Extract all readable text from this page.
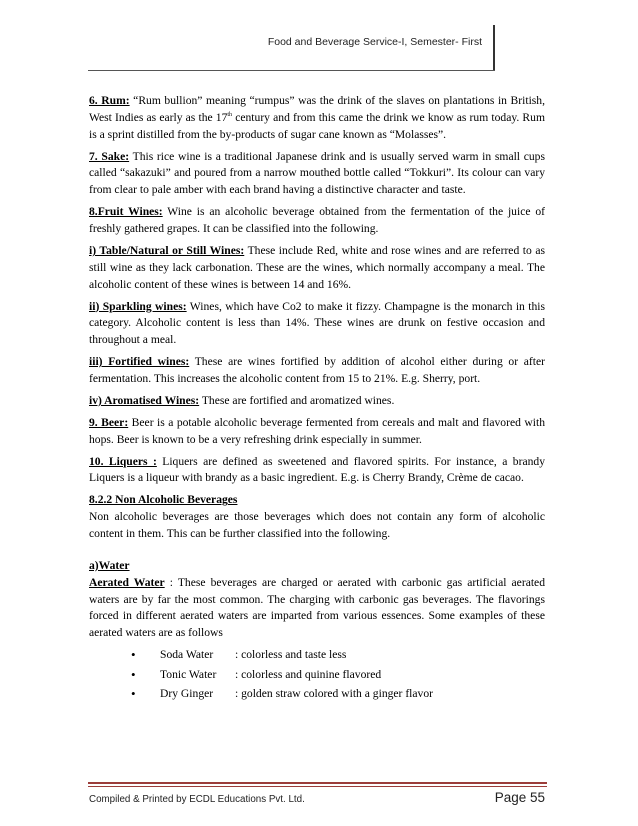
Food and Beverage Service-I, Semester- First

6. Rum: “Rum bullion” meaning “rumpus” was the drink of the slaves on plantations in British, West Indies as early as the 17th century and from this came the drink we know as rum today. Rum is a sprint distilled from the by-products of sugar cane known as “Molasses”.

7. Sake: This rice wine is a traditional Japanese drink and is usually served warm in small cups called “sakazuki” and poured from a narrow mouthed bottle called “Tokkuri”. Its colour can vary from clear to pale amber with each brand having a distinctive character and taste.

8.Fruit Wines: Wine is an alcoholic beverage obtained from the fermentation of the juice of freshly gathered grapes. It can be classified into the following.

i) Table/Natural or Still Wines: These include Red, white and rose wines and are referred to as still wine as they lack carbonation. These are the wines, which normally accompany a meal. The alcoholic content of these wines is between 14 and 16%.

ii) Sparkling wines: Wines, which have Co2 to make it fizzy. Champagne is the monarch in this category. Alcoholic content is less than 14%. These wines are drunk on festive occasion and throughout a meal.

iii) Fortified wines: These are wines fortified by addition of alcohol either during or after fermentation. This increases the alcoholic content from 15 to 21%. E.g. Sherry, port.

iv) Aromatised Wines: These are fortified and aromatized wines.

9. Beer: Beer is a potable alcoholic beverage fermented from cereals and malt and flavored with hops. Beer is known to be a very refreshing drink especially in summer.

10. Liquers : Liquers are defined as sweetened and flavored spirits. For instance, a brandy Liquers is a liqueur with brandy as a basic ingredient. E.g. is Cherry Brandy, Crème de cacao.

8.2.2 Non Alcoholic Beverages

Non alcoholic beverages are those beverages which does not contain any form of alcoholic content in them. This can be further classified into the following.

a)Water

Aerated Water : These beverages are charged or aerated with carbonic gas artificial aerated waters are by far the most common. The charging with carbonic gas beverages. The flavorings forced in different aerated waters are imparted from various essences. Some examples of these aerated waters are as follows

• Soda Water : colorless and taste less
• Tonic Water : colorless and quinine flavored
• Dry Ginger : golden straw colored with a ginger flavor
Compiled & Printed by ECDL Educations Pvt. Ltd.	Page 55
